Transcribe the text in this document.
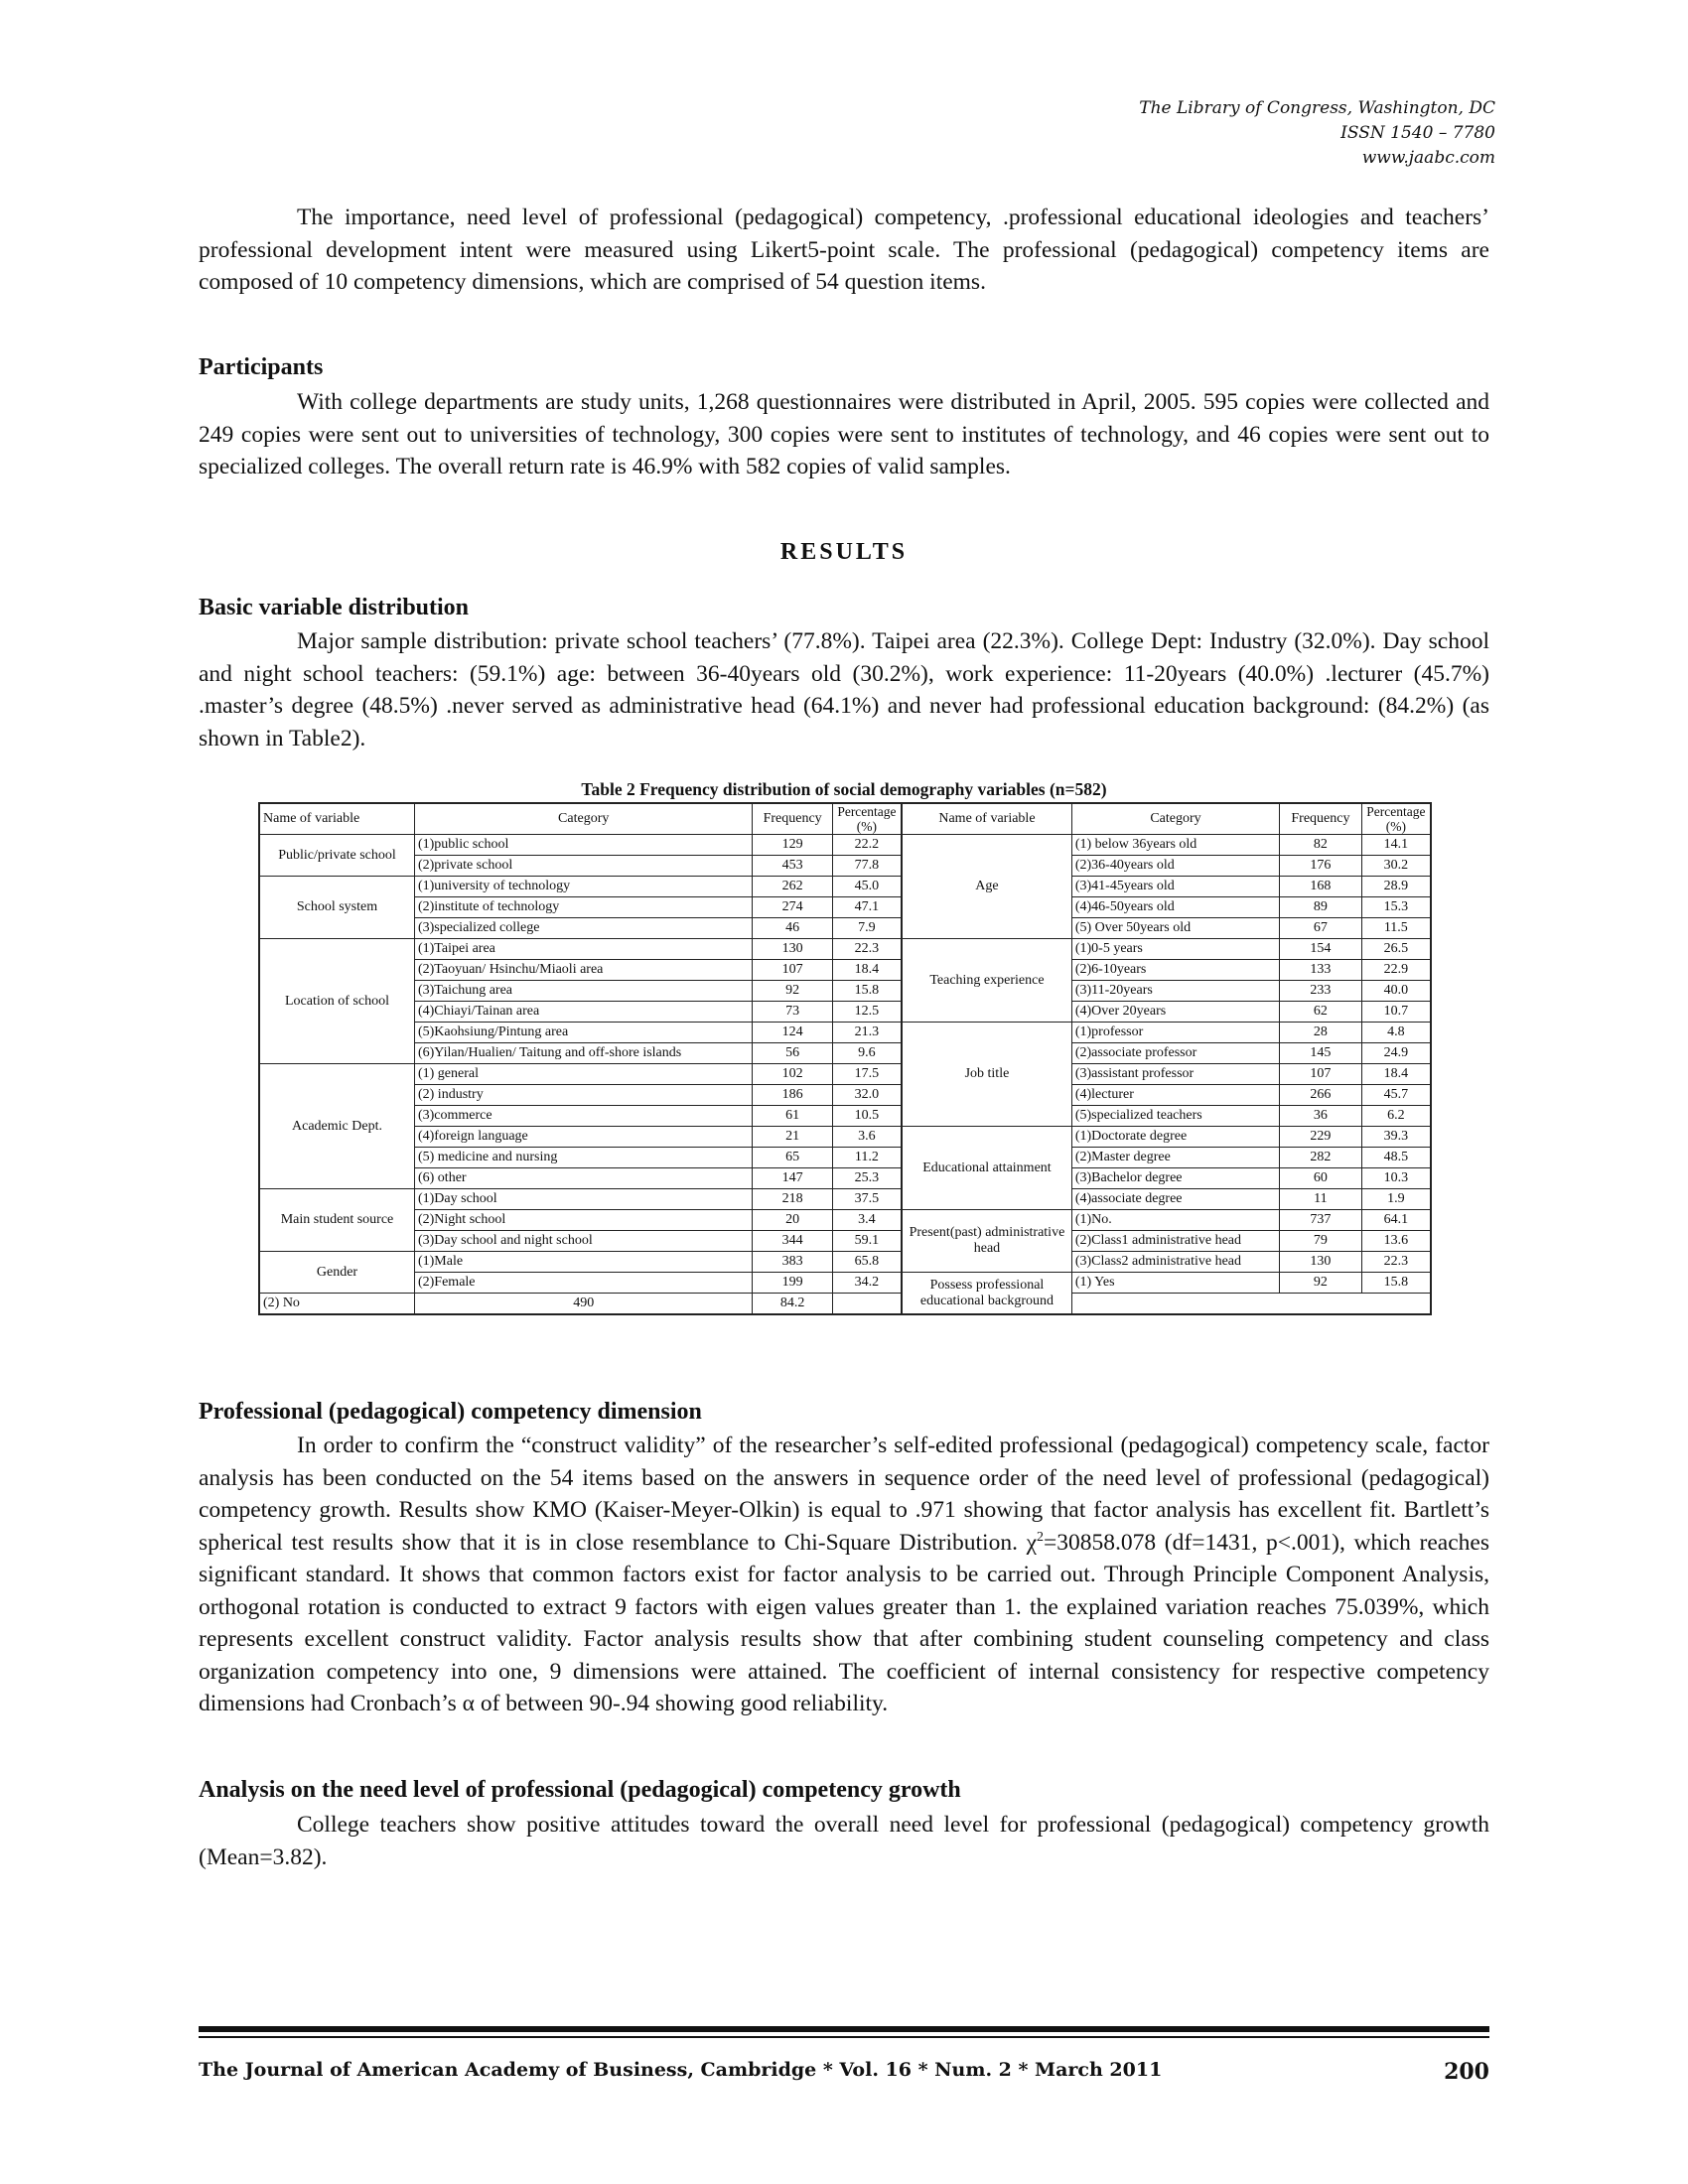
The Library of Congress, Washington, DC
ISSN 1540 – 7780
www.jaabc.com

The importance, need level of professional (pedagogical) competency, .professional educational ideologies and teachers’ professional development intent were measured using Likert5-point scale. The professional (pedagogical) competency items are composed of 10 competency dimensions, which are comprised of 54 question items.

Participants

With college departments are study units, 1,268 questionnaires were distributed in April, 2005. 595 copies were collected and 249 copies were sent out to universities of technology, 300 copies were sent to institutes of technology, and 46 copies were sent out to specialized colleges. The overall return rate is 46.9% with 582 copies of valid samples.

RESULTS

Basic variable distribution

Major sample distribution: private school teachers’ (77.8%). Taipei area (22.3%). College Dept: Industry (32.0%). Day school and night school teachers: (59.1%) age: between 36-40years old (30.2%), work experience: 11-20years (40.0%) .lecturer (45.7%) .master’s degree (48.5%) .never served as administrative head (64.1%) and never had professional education background: (84.2%) (as shown in Table2).

Table 2 Frequency distribution of social demography variables (n=582)

Name of variable	Category	Frequency	Percentage (%)	Name of variable	Category	Frequency	Percentage (%)
Public/private school	(1)public school	129	22.2	Age	(1) below 36years old	82	14.1
	(2)private school	453	77.8		(2)36-40years old	176	30.2
School system	(1)university of technology	262	45.0		(3)41-45years old	168	28.9
	(2)institute of technology	274	47.1		(4)46-50years old	89	15.3
	(3)specialized college	46	7.9		(5) Over 50years old	67	11.5
Location of school	(1)Taipei area	130	22.3	Teaching experience	(1)0-5 years	154	26.5
	(2)Taoyuan/ Hsinchu/Miaoli area	107	18.4		(2)6-10years	133	22.9
	(3)Taichung area	92	15.8		(3)11-20years	233	40.0
	(4)Chiayi/Tainan area	73	12.5		(4)Over 20years	62	10.7
	(5)Kaohsiung/Pintung area	124	21.3	Job title	(1)professor	28	4.8
	(6)Yilan/Hualien/ Taitung and off-shore islands	56	9.6		(2)associate professor	145	24.9
Academic Dept.	(1) general	102	17.5		(3)assistant professor	107	18.4
	(2) industry	186	32.0		(4)lecturer	266	45.7
	(3)commerce	61	10.5		(5)specialized teachers	36	6.2
	(4)foreign language	21	3.6	Educational attainment	(1)Doctorate degree	229	39.3
	(5) medicine and nursing	65	11.2		(2)Master degree	282	48.5
	(6) other	147	25.3		(3)Bachelor degree	60	10.3
Main student source	(1)Day school	218	37.5		(4)associate degree	11	1.9
	(2)Night school	20	3.4	Present(past) administrative head	(1)No.	737	64.1
	(3)Day school and night school	344	59.1		(2)Class1 administrative head	79	13.6
Gender	(1)Male	383	65.8		(3)Class2 administrative head	130	22.3
	(2)Female	199	34.2	Possess professional educational background	(1) Yes	92	15.8
(2) No	490	84.2					

Professional (pedagogical) competency dimension

In order to confirm the “construct validity” of the researcher’s self-edited professional (pedagogical) competency scale, factor analysis has been conducted on the 54 items based on the answers in sequence order of the need level of professional (pedagogical) competency growth. Results show KMO (Kaiser-Meyer-Olkin) is equal to .971 showing that factor analysis has excellent fit. Bartlett’s spherical test results show that it is in close resemblance to Chi-Square Distribution. $\chi^2=30858.078$ (df=1431, p<.001), which reaches significant standard. It shows that common factors exist for factor analysis to be carried out. Through Principle Component Analysis, orthogonal rotation is conducted to extract 9 factors with eigen values greater than 1. the explained variation reaches 75.039%, which represents excellent construct validity. Factor analysis results show that after combining student counseling competency and class organization competency into one, 9 dimensions were attained. The coefficient of internal consistency for respective competency dimensions had Cronbach’s α of between 90-.94 showing good reliability.

Analysis on the need level of professional (pedagogical) competency growth

College teachers show positive attitudes toward the overall need level for professional (pedagogical) competency growth (Mean=3.82).

The Journal of American Academy of Business, Cambridge * Vol. 16 * Num. 2 * March 2011	200
